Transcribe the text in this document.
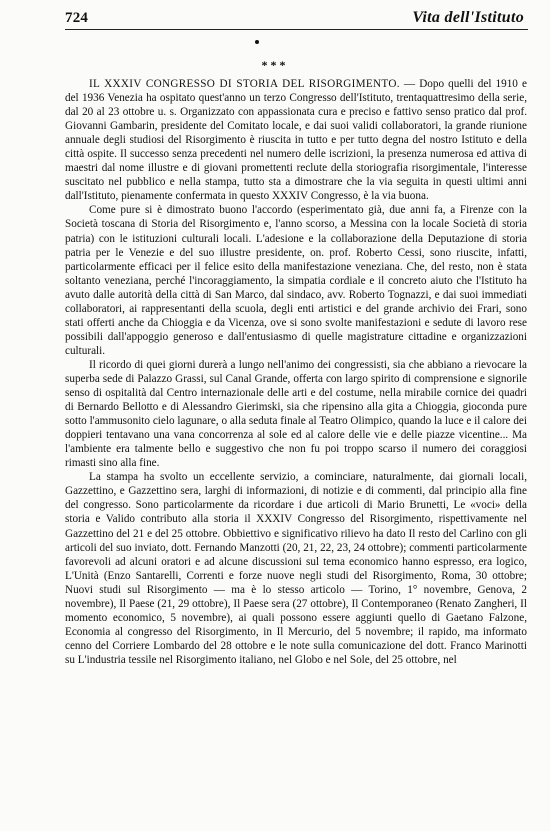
724	Vita dell'Istituto
***

IL XXXIV CONGRESSO DI STORIA DEL RISORGIMENTO. — Dopo quelli del 1910 e del 1936 Venezia ha ospitato quest'anno un terzo Congresso dell'Istituto, trentaquattresimo della serie, dal 20 al 23 ottobre u. s. Organizzato con appassionata cura e preciso e fattivo senso pratico dal prof. Giovanni Gambarin, presidente del Comitato locale, e dai suoi validi collaboratori, la grande riunione annuale degli studiosi del Risorgimento è riuscita in tutto e per tutto degna del nostro Istituto e della città ospite. Il successo senza precedenti nel numero delle iscrizioni, la presenza numerosa ed attiva di maestri dal nome illustre e di giovani promettenti reclute della storiografia risorgimentale, l'interesse suscitato nel pubblico e nella stampa, tutto sta a dimostrare che la via seguita in questi ultimi anni dall'Istituto, pienamente confermata in questo XXXIV Congresso, è la via buona.

Come pure si è dimostrato buono l'accordo (esperimentato già, due anni fa, a Firenze con la Società toscana di Storia del Risorgimento e, l'anno scorso, a Messina con la locale Società di storia patria) con le istituzioni culturali locali. L'adesione e la collaborazione della Deputazione di storia patria per le Venezie e del suo illustre presidente, on. prof. Roberto Cessi, sono riuscite, infatti, particolarmente efficaci per il felice esito della manifestazione veneziana. Che, del resto, non è stata soltanto veneziana, perché l'incoraggiamento, la simpatia cordiale e il concreto aiuto che l'Istituto ha avuto dalle autorità della città di San Marco, dal sindaco, avv. Roberto Tognazzi, e dai suoi immediati collaboratori, ai rappresentanti della scuola, degli enti artistici e del grande archivio dei Frari, sono stati offerti anche da Chioggia e da Vicenza, ove si sono svolte manifestazioni e sedute di lavoro rese possibili dall'appoggio generoso e dall'entusiasmo di quelle magistrature cittadine e organizzazioni culturali.

Il ricordo di quei giorni durerà a lungo nell'animo dei congressisti, sia che abbiano a rievocare la superba sede di Palazzo Grassi, sul Canal Grande, offerta con largo spirito di comprensione e signorile senso di ospitalità dal Centro internazionale delle arti e del costume, nella mirabile cornice dei quadri di Bernardo Bellotto e di Alessandro Gierimski, sia che ripensino alla gita a Chioggia, gioconda pure sotto l'ammusonito cielo lagunare, o alla seduta finale al Teatro Olimpico, quando la luce e il calore dei doppieri tentavano una vana concorrenza al sole ed al calore delle vie e delle piazze vicentine... Ma l'ambiente era talmente bello e suggestivo che non fu poi troppo scarso il numero dei coraggiosi rimasti sino alla fine.

La stampa ha svolto un eccellente servizio, a cominciare, naturalmente, dai giornali locali, Gazzettino, e Gazzettino sera, larghi di informazioni, di notizie e di commenti, dal principio alla fine del congresso. Sono particolarmente da ricordare i due articoli di Mario Brunetti, Le «voci» della storia e Valido contributo alla storia il XXXIV Congresso del Risorgimento, rispettivamente nel Gazzettino del 21 e del 25 ottobre. Obbiettivo e significativo rilievo ha dato Il resto del Carlino con gli articoli del suo inviato, dott. Fernando Manzotti (20, 21, 22, 23, 24 ottobre); commenti particolarmente favorevoli ad alcuni oratori e ad alcune discussioni sul tema economico hanno espresso, era logico, L'Unità (Enzo Santarelli, Correnti e forze nuove negli studi del Risorgimento, Roma, 30 ottobre; Nuovi studi sul Risorgimento — ma è lo stesso articolo — Torino, 1° novembre, Genova, 2 novembre), Il Paese (21, 29 ottobre), Il Paese sera (27 ottobre), Il Contemporaneo (Renato Zangheri, Il momento economico, 5 novembre), ai quali possono essere aggiunti quello di Gaetano Falzone, Economia al congresso del Risorgimento, in Il Mercurio, del 5 novembre; il rapido, ma informato cenno del Corriere Lombardo del 28 ottobre e le note sulla comunicazione del dott. Franco Marinotti su L'industria tessile nel Risorgimento italiano, nel Globo e nel Sole, del 25 ottobre, nel
